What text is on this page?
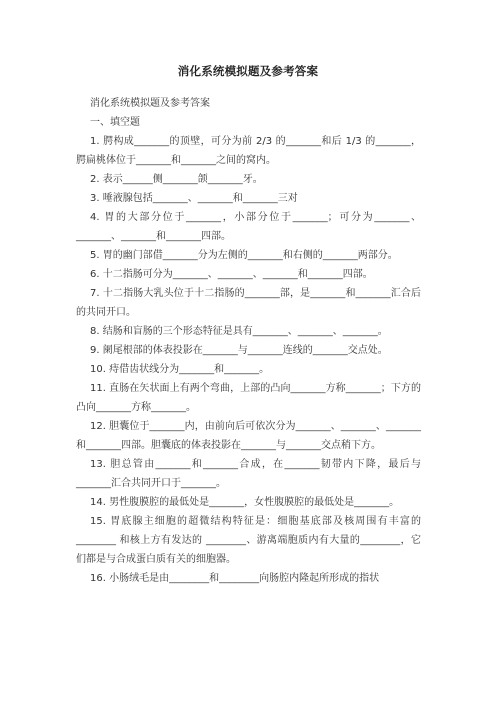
消化系统模拟题及参考答案

消化系统模拟题及参考答案

一、填空题

1. 腭构成_______的顶壁，可分为前 2/3 的_______和后 1/3 的_______，腭扁桃体位于_______和_______之间的窝内。

2. 表示______侧_______颌_______牙。

3. 唾液腺包括_______、_______和_______三对

4. 胃的大部分位于_______，小部分位于_______；可分为_______、_______、_______和_______四部。

5. 胃的幽门部借_______分为左侧的_______和右侧的_______两部分。

6. 十二指肠可分为_______、_______、_______和_______四部。

7. 十二指肠大乳头位于十二指肠的_______部，是_______和_______汇合后的共同开口。

8. 结肠和盲肠的三个形态特征是具有_______、_______、_______。

9. 阑尾根部的体表投影在_______与_______连线的_______交点处。

10. 痔借齿状线分为_______和_______。

11. 直肠在矢状面上有两个弯曲，上部的凸向_______方称_______；下方的凸向_______方称_______。

12. 胆囊位于_______内，由前向后可依次分为_______、_______、_______和_______四部。胆囊底的体表投影在_______与_______交点稍下方。

13. 胆总管由_______和_______合成，在_______韧带内下降，最后与_______汇合共同开口于_______。

14. 男性腹膜腔的最低处是_______，女性腹膜腔的最低处是_______。

15. 胃底腺主细胞的超微结构特征是：细胞基底部及核周围有丰富的________ 和核上方有发达的 ________、游离端胞质内有大量的________，它们都是与合成蛋白质有关的细胞器。

16. 小肠绒毛是由________和________向肠腔内隆起所形成的指状
